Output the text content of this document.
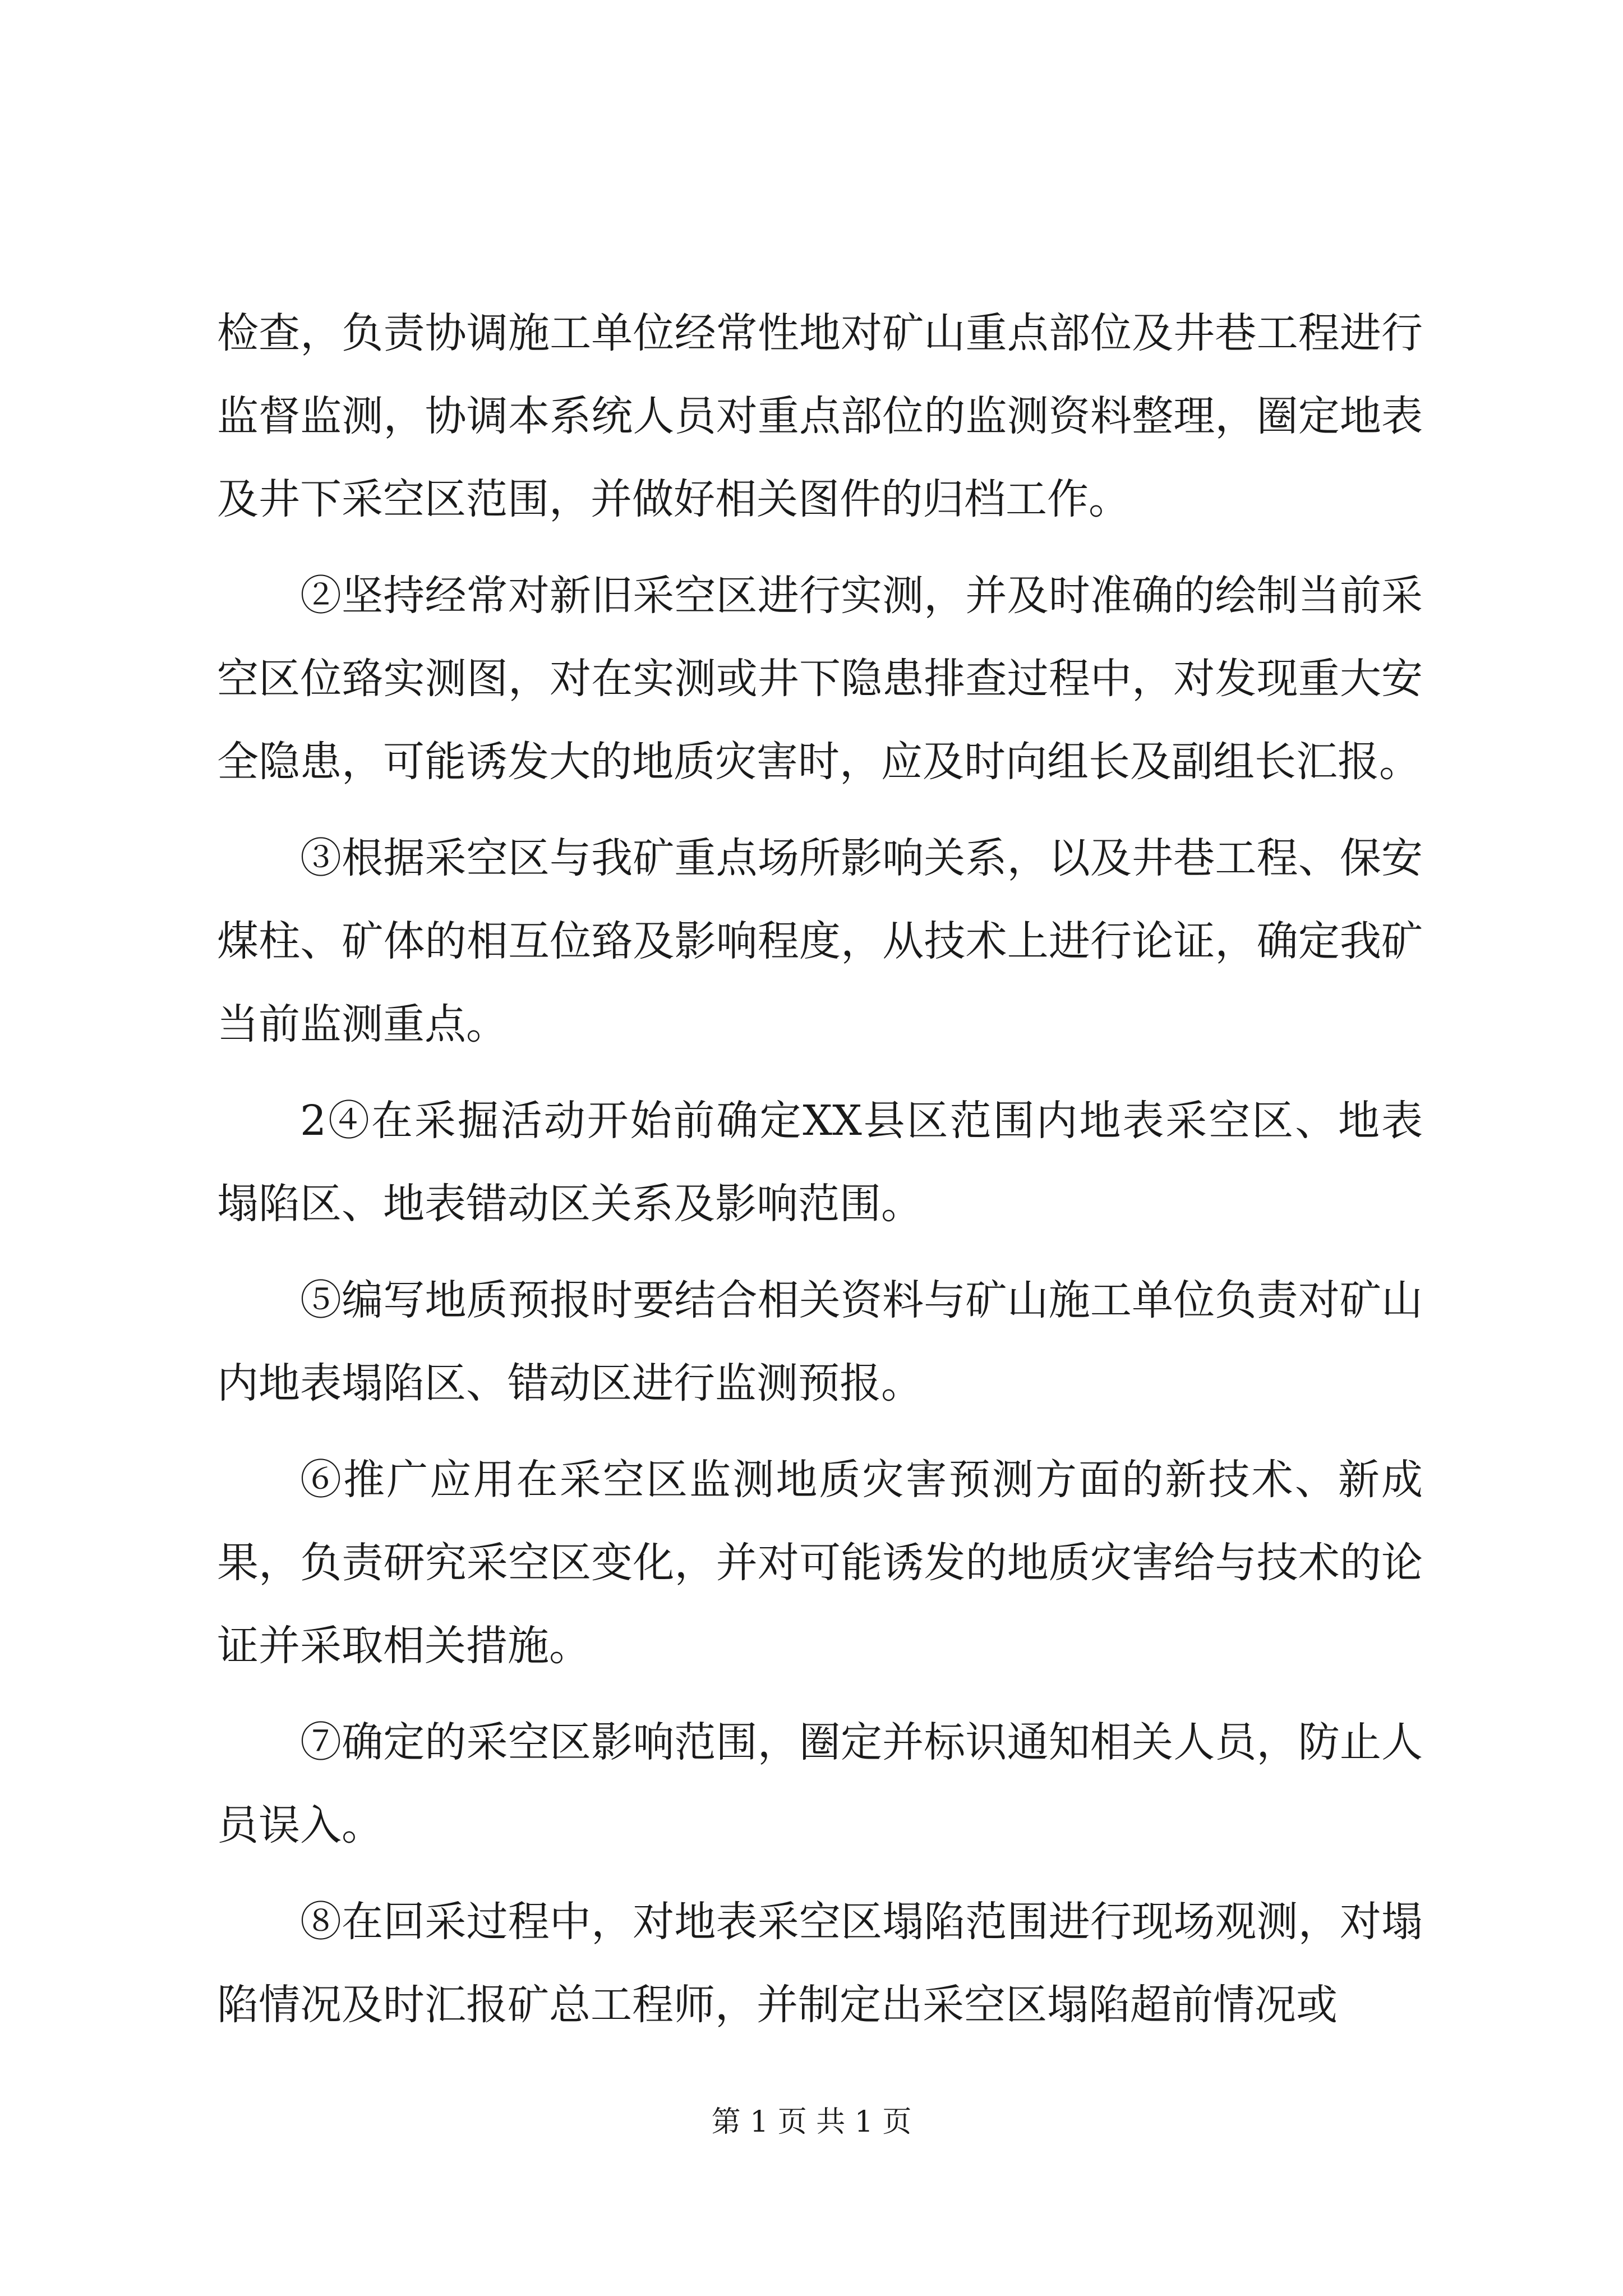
检查，负责协调施工单位经常性地对矿山重点部位及井巷工程进行监督监测，协调本系统人员对重点部位的监测资料整理，圈定地表及井下采空区范围，并做好相关图件的归档工作。

②坚持经常对新旧采空区进行实测，并及时准确的绘制当前采空区位臵实测图，对在实测或井下隐患排查过程中，对发现重大安全隐患，可能诱发大的地质灾害时，应及时向组长及副组长汇报。

③根据采空区与我矿重点场所影响关系，以及井巷工程、保安煤柱、矿体的相互位臵及影响程度，从技术上进行论证，确定我矿当前监测重点。

2④在采掘活动开始前确定XX县区范围内地表采空区、地表塌陷区、地表错动区关系及影响范围。

⑤编写地质预报时要结合相关资料与矿山施工单位负责对矿山内地表塌陷区、错动区进行监测预报。

⑥推广应用在采空区监测地质灾害预测方面的新技术、新成果，负责研究采空区变化，并对可能诱发的地质灾害给与技术的论证并采取相关措施。

⑦确定的采空区影响范围，圈定并标识通知相关人员，防止人员误入。

⑧在回采过程中，对地表采空区塌陷范围进行现场观测，对塌陷情况及时汇报矿总工程师，并制定出采空区塌陷超前情况或

第 1 页 共 1 页
